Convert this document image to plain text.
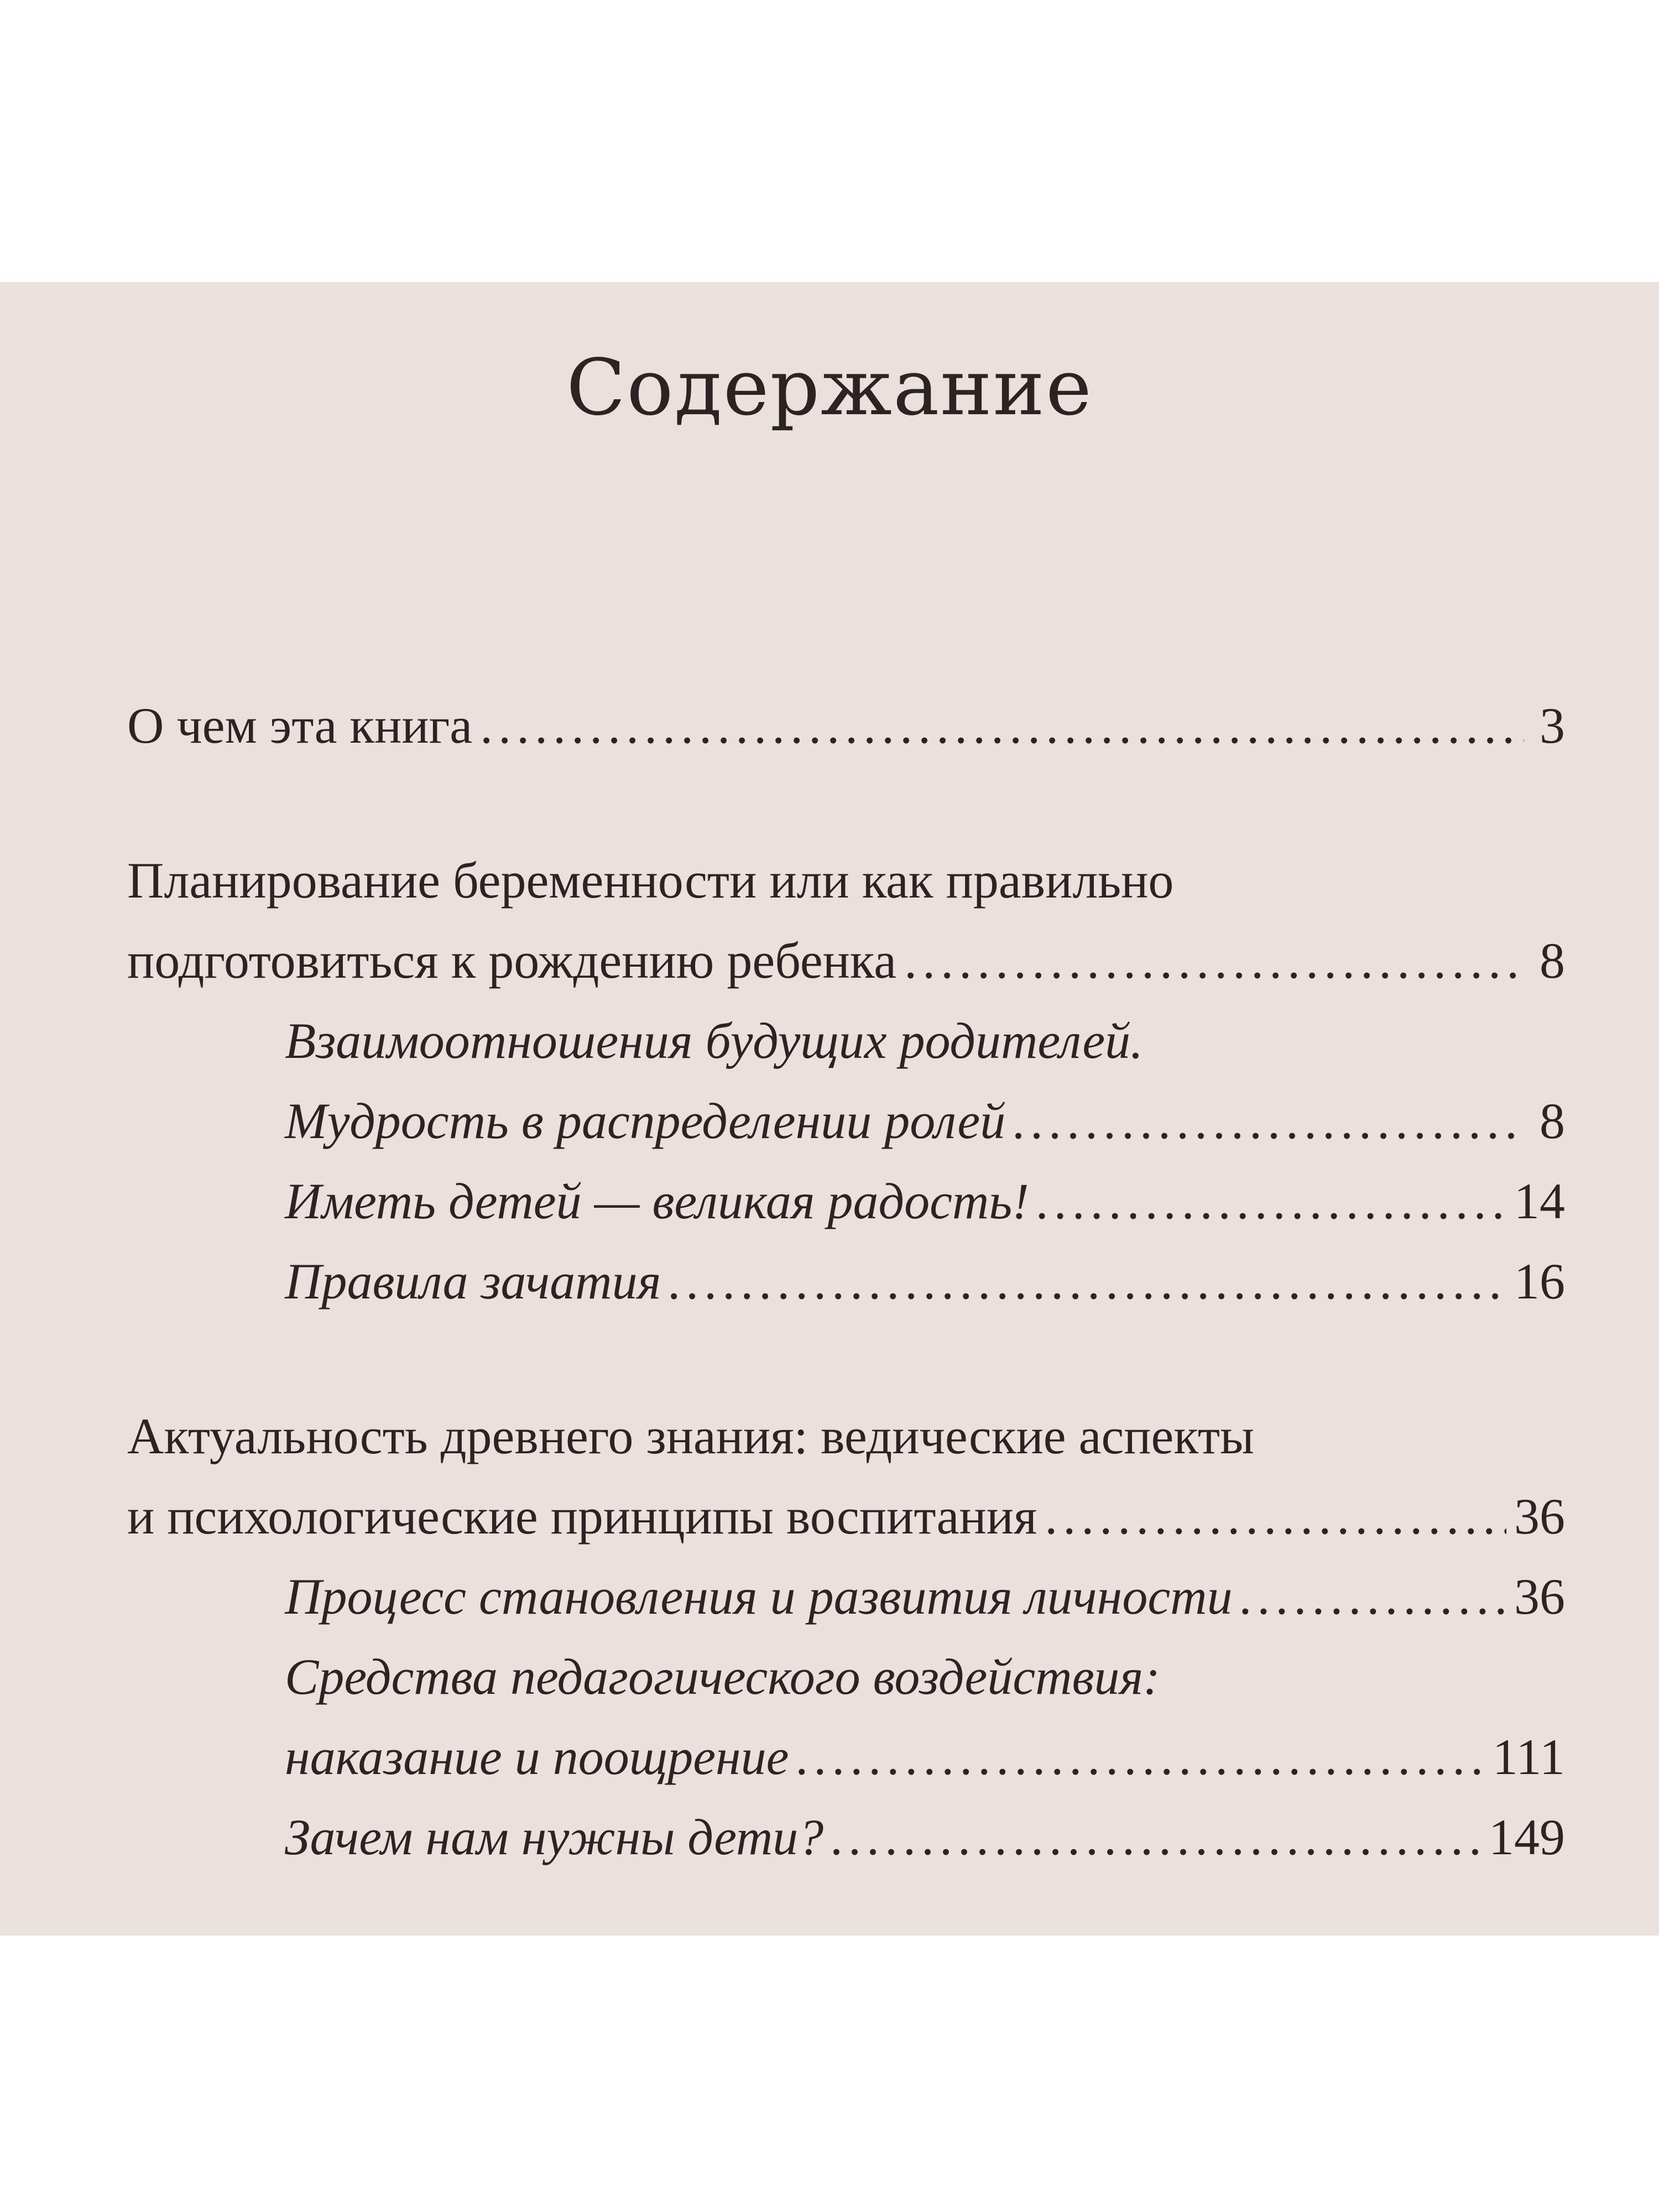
Содержание
О чем эта книга .....	3
Планирование беременности или как правильно
подготовиться к рождению ребенка .....	8
Взаимоотношения будущих родителей.
Мудрость в распределении ролей .....	8
Иметь детей — великая радость! .....	14
Правила зачатия .....	16
Актуальность древнего знания: ведические аспекты
и психологические принципы воспитания .....	36
Процесс становления и развития личности .....	36
Средства педагогического воздействия:
наказание и поощрение .....	111
Зачем нам нужны дети? .....	149
